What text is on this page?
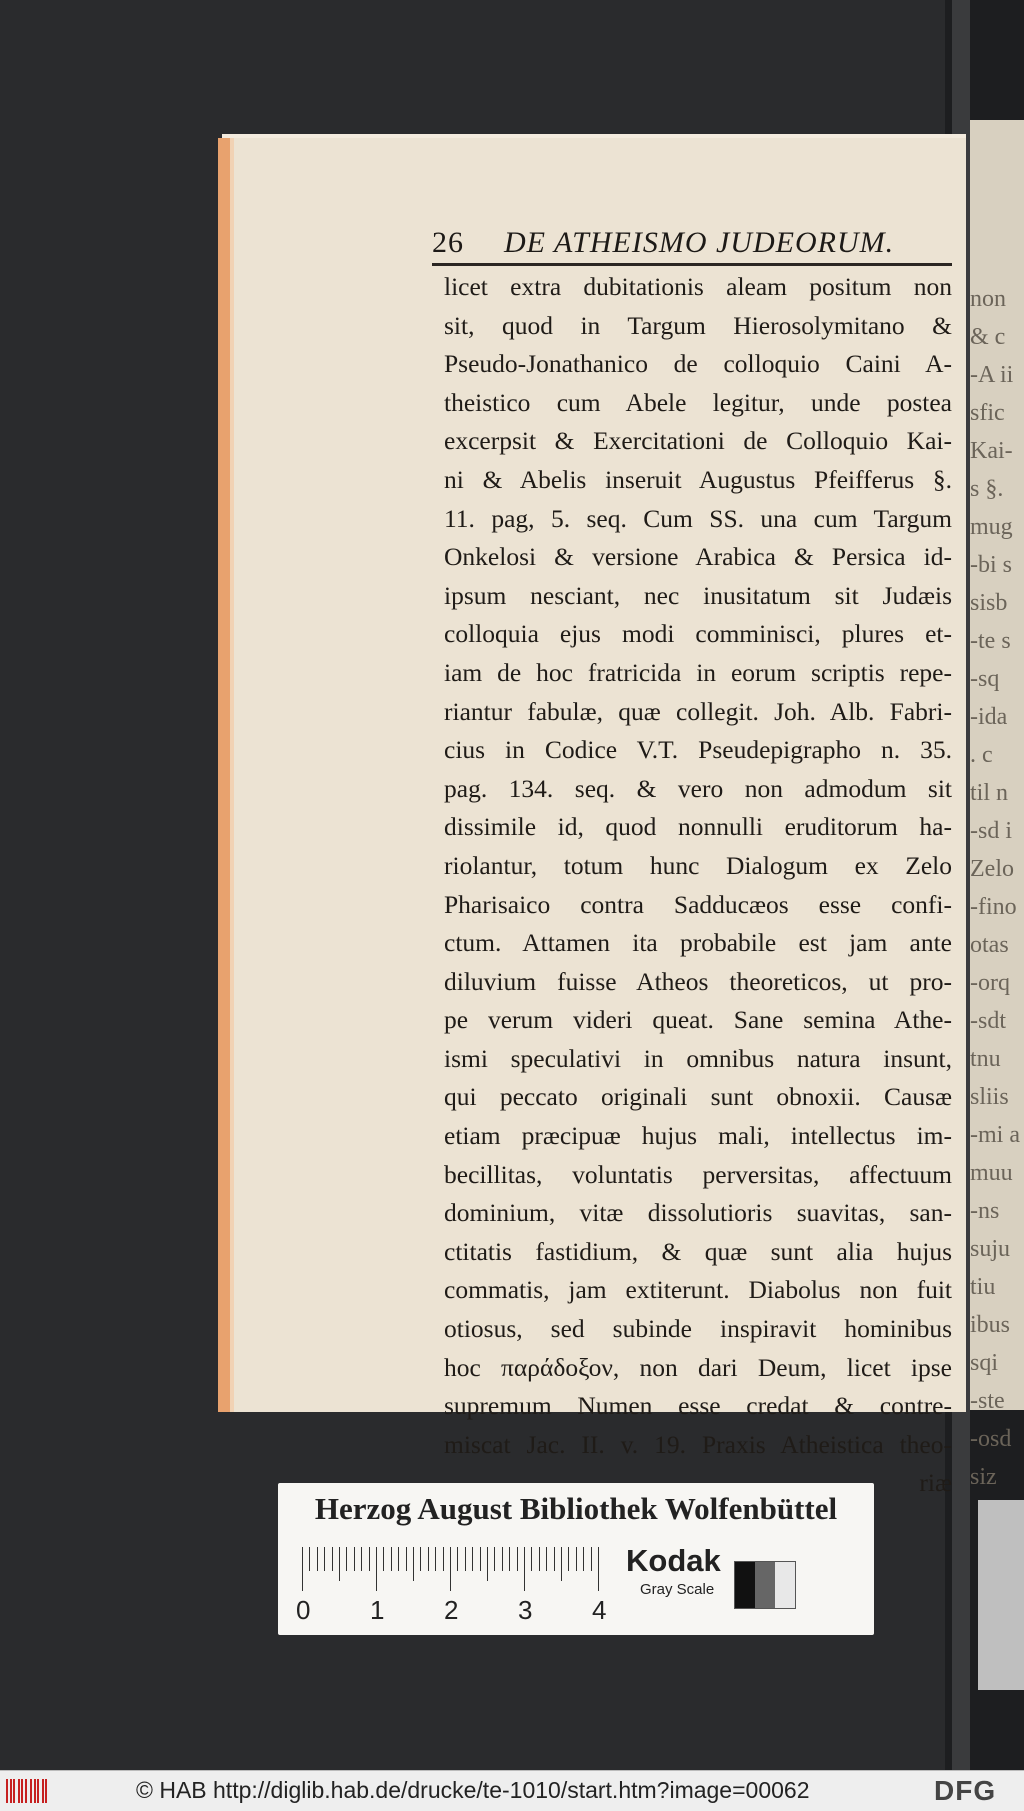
non
& c
-A ii
sfic
Kai-
s §.
mug
-bi s
sisb
-te s
-sq
-ida
. c
til n
-sd i
Zelo
-fino
otas
-orq
-sdt
tnu
sliis
-mi a
muu
-ns
suju
tiu
ibus
sqi
-ste
-osd
siz
26 DE ATHEISMO JUDEORUM.
licet extra dubitationis aleam positum non
sit, quod in Targum Hierosolymitano &
Pseudo-Jonathanico de colloquio Caini A-
theistico cum Abele legitur, unde postea
excerpsit & Exercitationi de Colloquio Kai-
ni & Abelis inseruit Augustus Pfeifferus §.
11. pag, 5. seq. Cum SS. una cum Targum
Onkelosi & versione Arabica & Persica id-
ipsum nesciant, nec inusitatum sit Judæis
colloquia ejus modi comminisci, plures et-
iam de hoc fratricida in eorum scriptis repe-
riantur fabulæ, quæ collegit. Joh. Alb. Fabri-
cius in Codice V.T. Pseudepigrapho n. 35.
pag. 134. seq. & vero non admodum sit
dissimile id, quod nonnulli eruditorum ha-
riolantur, totum hunc Dialogum ex Zelo
Pharisaico contra Sadducæos esse confi-
ctum. Attamen ita probabile est jam ante
diluvium fuisse Atheos theoreticos, ut pro-
pe verum videri queat. Sane semina Athe-
ismi speculativi in omnibus natura insunt,
qui peccato originali sunt obnoxii. Causæ
etiam præcipuæ hujus mali, intellectus im-
becillitas, voluntatis perversitas, affectuum
dominium, vitæ dissolutioris suavitas, san-
ctitatis fastidium, & quæ sunt alia hujus
commatis, jam extiterunt. Diabolus non fuit
otiosus, sed subinde inspiravit hominibus
hoc παράδοξον, non dari Deum, licet ipse
supremum Numen esse credat & contre-
miscat Jac. II. v. 19. Praxis Atheistica theo-
riæ
Herzog August Bibliothek Wolfenbüttel
0 1 2 3 4
Kodak
Gray Scale
© HAB http://diglib.hab.de/drucke/te-1010/start.htm?image=00062	DFG
